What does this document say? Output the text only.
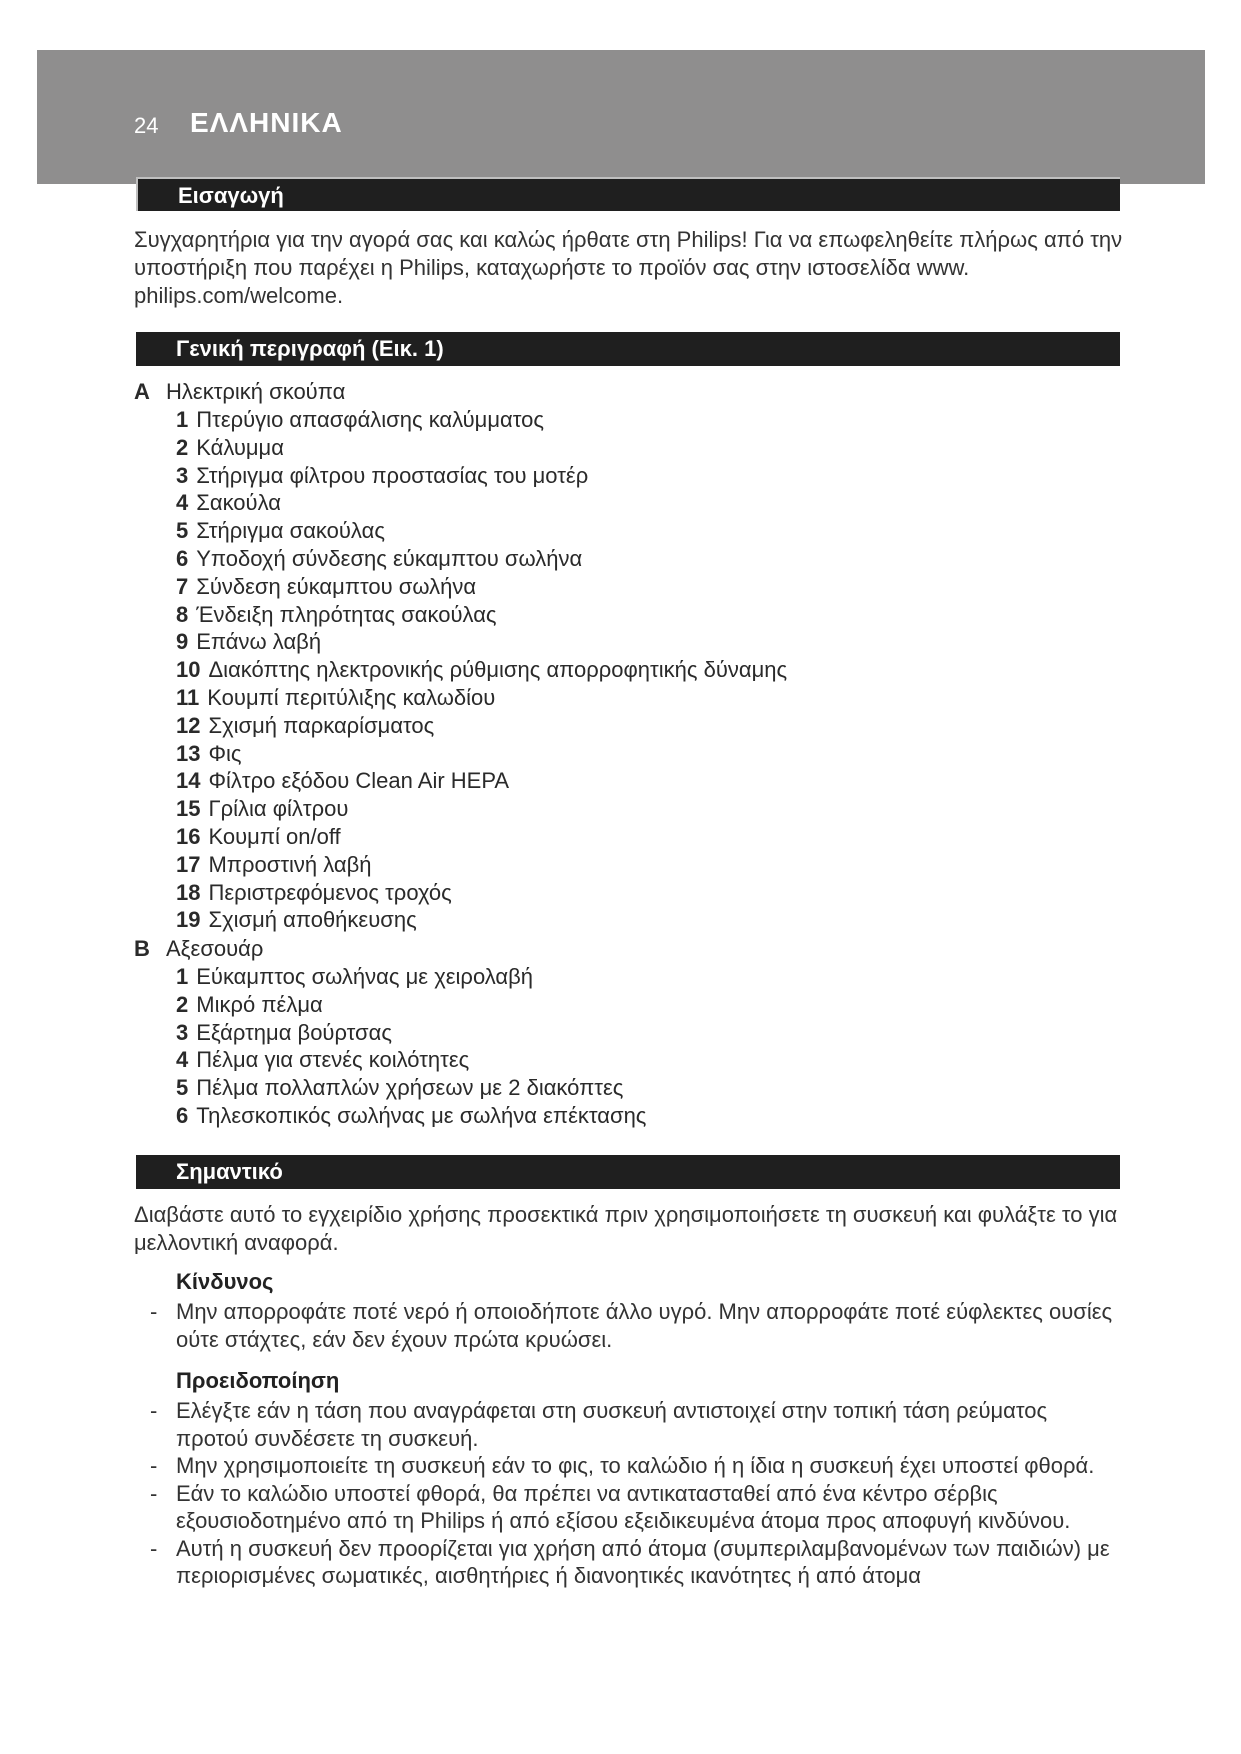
24 ΕΛΛΗΝΙΚΑ
Εισαγωγή
Συγχαρητήρια για την αγορά σας και καλώς ήρθατε στη Philips! Για να επωφεληθείτε πλήρως από την υποστήριξη που παρέχει η Philips, καταχωρήστε το προϊόν σας στην ιστοσελίδα www. philips.com/welcome.
Γενική περιγραφή (Εικ. 1)
A Ηλεκτρική σκούπα
1 Πτερύγιο απασφάλισης καλύμματος
2 Κάλυμμα
3 Στήριγμα φίλτρου προστασίας του μοτέρ
4 Σακούλα
5 Στήριγμα σακούλας
6 Υποδοχή σύνδεσης εύκαμπτου σωλήνα
7 Σύνδεση εύκαμπτου σωλήνα
8 Ένδειξη πληρότητας σακούλας
9 Επάνω λαβή
10 Διακόπτης ηλεκτρονικής ρύθμισης απορροφητικής δύναμης
11 Κουμπί περιτύλιξης καλωδίου
12 Σχισμή παρκαρίσματος
13 Φις
14 Φίλτρο εξόδου Clean Air HEPA
15 Γρίλια φίλτρου
16 Κουμπί on/off
17 Μπροστινή λαβή
18 Περιστρεφόμενος τροχός
19 Σχισμή αποθήκευσης
B Αξεσουάρ
1 Εύκαμπτος σωλήνας με χειρολαβή
2 Μικρό πέλμα
3 Εξάρτημα βούρτσας
4 Πέλμα για στενές κοιλότητες
5 Πέλμα πολλαπλών χρήσεων με 2 διακόπτες
6 Τηλεσκοπικός σωλήνας με σωλήνα επέκτασης
Σημαντικό
Διαβάστε αυτό το εγχειρίδιο χρήσης προσεκτικά πριν χρησιμοποιήσετε τη συσκευή και φυλάξτε το για μελλοντική αναφορά.
Κίνδυνος
- Μην απορροφάτε ποτέ νερό ή οποιοδήποτε άλλο υγρό. Μην απορροφάτε ποτέ εύφλεκτες ουσίες ούτε στάχτες, εάν δεν έχουν πρώτα κρυώσει.
Προειδοποίηση
- Ελέγξτε εάν η τάση που αναγράφεται στη συσκευή αντιστοιχεί στην τοπική τάση ρεύματος προτού συνδέσετε τη συσκευή.
- Μην χρησιμοποιείτε τη συσκευή εάν το φις, το καλώδιο ή η ίδια η συσκευή έχει υποστεί φθορά.
- Εάν το καλώδιο υποστεί φθορά, θα πρέπει να αντικατασταθεί από ένα κέντρο σέρβις εξουσιοδοτημένο από τη Philips ή από εξίσου εξειδικευμένα άτομα προς αποφυγή κινδύνου.
- Αυτή η συσκευή δεν προορίζεται για χρήση από άτομα (συμπεριλαμβανομένων των παιδιών) με περιορισμένες σωματικές, αισθητήριες ή διανοητικές ικανότητες ή από άτομα
